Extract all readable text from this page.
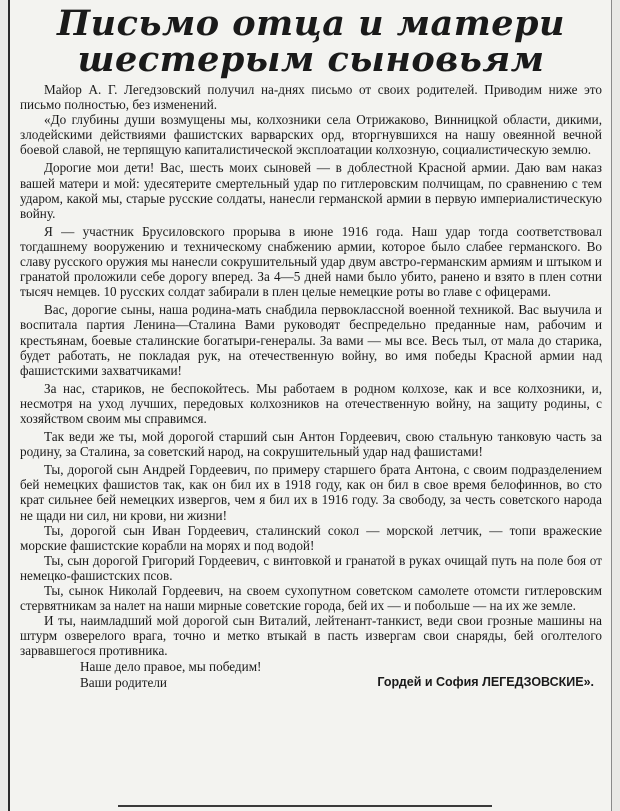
Письмо отца и матери
шестерым сыновьям

Майор А. Г. Легедзовский получил на-днях письмо от своих родителей. Приводим ниже это письмо полностью, без изменений.

«До глубины души возмущены мы, колхозники села Отрижаково, Винницкой области, дикими, злодейскими действиями фашистских варварских орд, вторгнувшихся на нашу овеянной вечной боевой славой, не терпящую капиталистической эксплоатации колхозную, социалистическую землю.

Дорогие мои дети! Вас, шесть моих сыновей — в доблестной Красной армии. Даю вам наказ вашей матери и мой: удесятерите смертельный удар по гитлеровским полчищам, по сравнению с тем ударом, какой мы, старые русские солдаты, нанесли германской армии в первую империалистическую войну.

Я — участник Брусиловского прорыва в июне 1916 года. Наш удар тогда соответствовал тогдашнему вооружению и техническому снабжению армии, которое было слабее германского. Во славу русского оружия мы нанесли сокрушительный удар двум австро-германским армиям и штыком и гранатой проложили себе дорогу вперед. За 4—5 дней нами было убито, ранено и взято в плен сотни тысяч немцев. 10 русских солдат забирали в плен целые немецкие роты во главе с офицерами.

Вас, дорогие сыны, наша родина-мать снабдила первоклассной военной техникой. Вас выучила и воспитала партия Ленина—Сталина Вами руководят беспредельно преданные нам, рабочим и крестьянам, боевые сталинские богатыри-генералы. За вами — мы все. Весь тыл, от мала до старика, будет работать, не покладая рук, на отечественную войну, во имя победы Красной армии над фашистскими захватчиками!

За нас, стариков, не беспокойтесь. Мы работаем в родном колхозе, как и все колхозники, и, несмотря на уход лучших, передовых колхозников на отечественную войну, на защиту родины, с хозяйством своим мы справимся.

Так веди же ты, мой дорогой старший сын Антон Гордеевич, свою стальную танковую часть за родину, за Сталина, за советский народ, на сокрушительный удар над фашистами!

Ты, дорогой сын Андрей Гордеевич, по примеру старшего брата Антона, с своим подразделением бей немецких фашистов так, как он бил их в 1918 году, как он бил в свое время белофиннов, во сто крат сильнее бей немецких извергов, чем я бил их в 1916 году. За свободу, за честь советского народа не щади ни сил, ни крови, ни жизни!

Ты, дорогой сын Иван Гордеевич, сталинский сокол — морской летчик, — топи вражеские морские фашистские корабли на морях и под водой!

Ты, сын дорогой Григорий Гордеевич, с винтовкой и гранатой в руках очищай путь на поле боя от немецко-фашистских псов.

Ты, сынок Николай Гордеевич, на своем сухопутном советском самолете отомсти гитлеровским стервятникам за налет на наши мирные советские города, бей их — и побольше — на их же земле.

И ты, наимладший мой дорогой сын Виталий, лейтенант-танкист, веди свои грозные машины на штурм озверелого врага, точно и метко втыкай в пасть извергам свои снаряды, бей оголтелого зарвавшегося противника.

Наше дело правое, мы победим!

Ваши родители	Гордей и София ЛЕГЕДЗОВСКИЕ».
